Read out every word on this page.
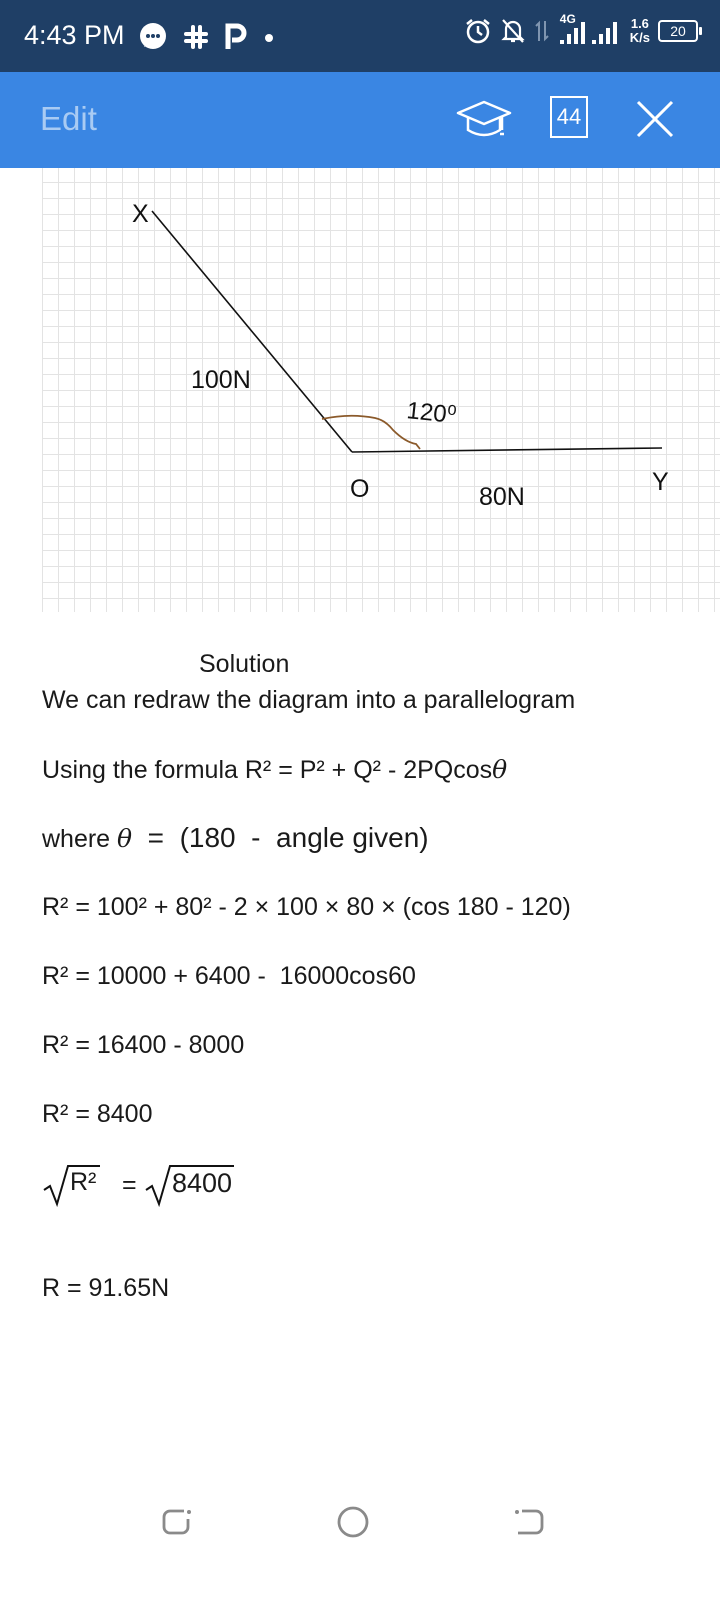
4:43 PM
4G	1.6
K/s	20
Edit	44
X
100N
120⁰
O	80N
Y
Solution
We can redraw the diagram into a parallelogram
Using the formula R² = P² + Q² - 2PQcosθ
where θ  =  (180  -  angle given)
R² = 100² + 80² - 2 × 100 × 80 × (cos 180 - 120)
R² = 10000 + 6400 -  16000cos60
R² = 16400 - 8000
R² = 8400
R² = 8400
R = 91.65N
